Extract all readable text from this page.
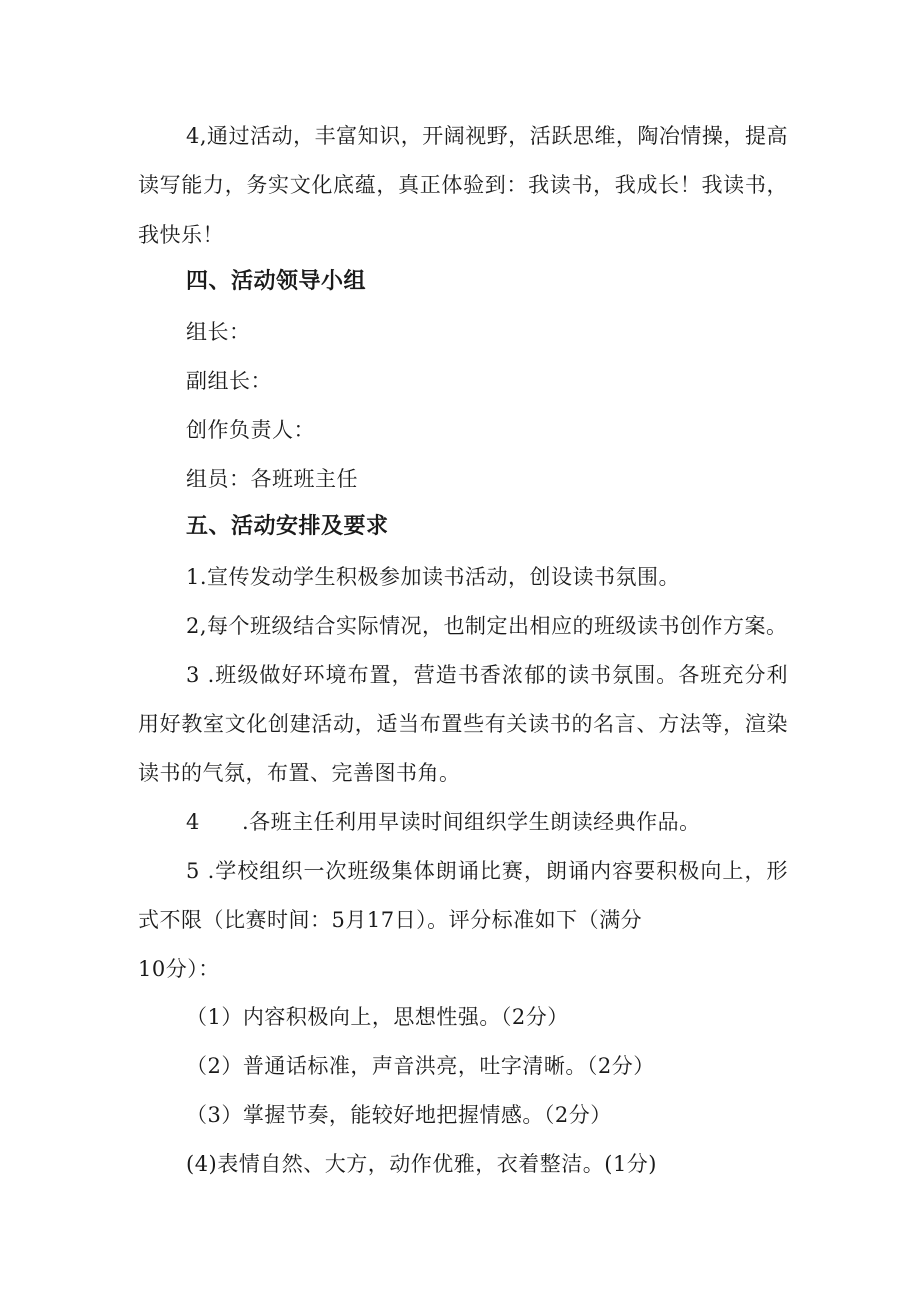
4,通过活动，丰富知识，开阔视野，活跃思维，陶冶情操，提高
读写能力，务实文化底蕴，真正体验到：我读书，我成长！我读书，
我快乐！
四、活动领导小组
组长：
副组长：
创作负责人：
组员：各班班主任
五、活动安排及要求
1.宣传发动学生积极参加读书活动，创设读书氛围。
2,每个班级结合实际情况，也制定出相应的班级读书创作方案。
3 .班级做好环境布置，营造书香浓郁的读书氛围。各班充分利
用好教室文化创建活动，适当布置些有关读书的名言、方法等，渲染
读书的气氛，布置、完善图书角。
4 .各班主任利用早读时间组织学生朗读经典作品。
5 .学校组织一次班级集体朗诵比赛，朗诵内容要积极向上，形
式不限（比赛时间：5月17日）。评分标准如下（满分
10分）：
（1）内容积极向上，思想性强。（2分）
（2）普通话标准，声音洪亮，吐字清晰。（2分）
（3）掌握节奏，能较好地把握情感。（2分）
(4)表情自然、大方，动作优雅，衣着整洁。(1分)
